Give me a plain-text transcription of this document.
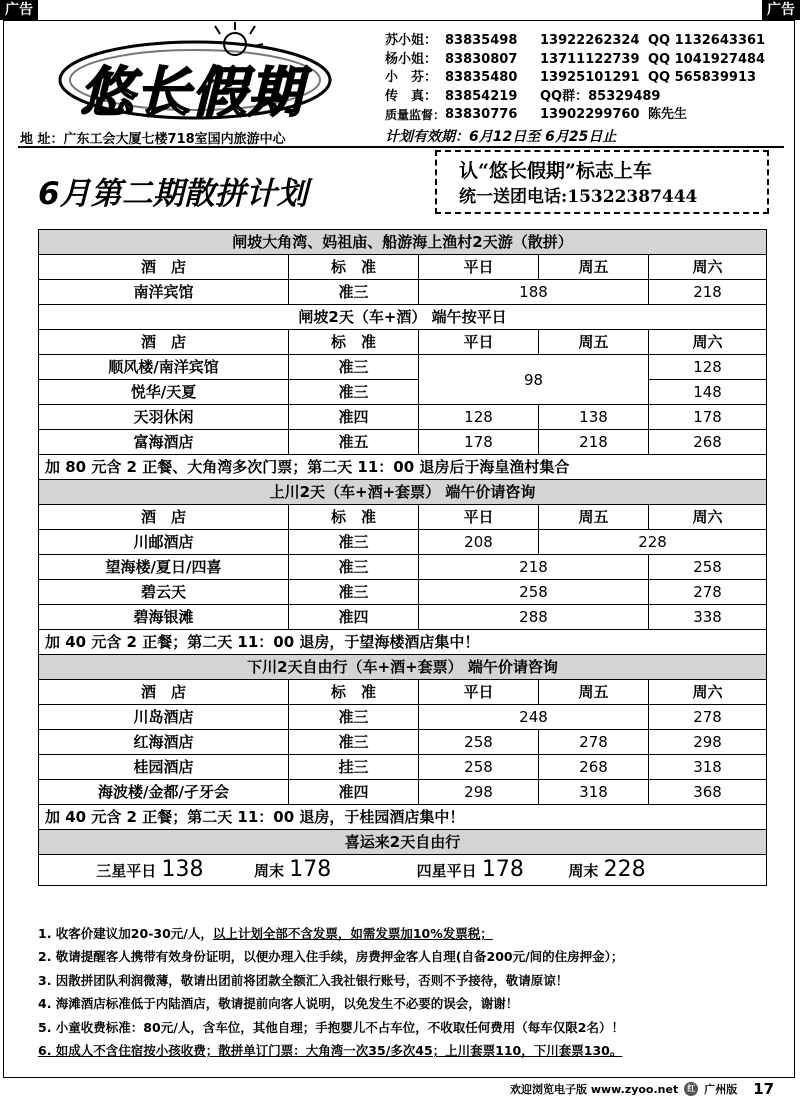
广告	广告
悠长假期
苏小姐： 83835498	13922262324 QQ 1132643361
杨小姐： 83830807	13711122739 QQ 1041927484
小　芬： 83835480	13925101291 QQ 565839913
传　真： 83854219	QQ群：85329489
质量监督： 83830776	13902299760 陈先生
地 址：广东工会大厦七楼718室国内旅游中心	计划有效期：6月12日至 6月25日止
6月第二期散拼计划
认“悠长假期”标志上车
统一送团电话:15322387444
闸坡大角湾、妈祖庙、船游海上渔村2天游（散拼）				
酒　店	标　准	平日	周五	周六
南洋宾馆	准三	188		218
闸坡2天（车+酒） 端午按平日				
酒　店	标　准	平日	周五	周六
顺风楼/南洋宾馆	准三	98		128
悦华/天夏	准三			148
天羽休闲	准四	128	138	178
富海酒店	准五	178	218	268
加 80 元含 2 正餐、大角湾多次门票；第二天 11：00 退房后于海皇渔村集合				
上川2天（车+酒+套票） 端午价请咨询				
酒　店	标　准	平日	周五	周六
川邮酒店	准三	208	228	
望海楼/夏日/四喜	准三	218		258
碧云天	准三	258		278
碧海银滩	准四	288		338
加 40 元含 2 正餐；第二天 11：00 退房，于望海楼酒店集中！				
下川2天自由行（车+酒+套票） 端午价请咨询				
酒　店	标　准	平日	周五	周六
川岛酒店	准三	248		278
红海酒店	准三	258	278	298
桂园酒店	挂三	258	268	318
海波楼/金都/孑牙会	准四	298	318	368
加 40 元含 2 正餐；第二天 11：00 退房，于桂园酒店集中！				
喜运来2天自由行				
三星平日 138 周末 178 四星平日 178 周末 228				
1. 收客价建议加20-30元/人，以上计划全部不含发票，如需发票加10%发票税；
2. 敬请提醒客人携带有效身份证明，以便办理入住手续，房费押金客人自理(自备200元/间的住房押金）；
3. 因散拼团队利润微薄，敬请出团前将团款全额汇入我社银行账号，否则不予接待，敬请原谅！
4. 海滩酒店标准低于内陆酒店，敬请提前向客人说明，以免发生不必要的误会，谢谢！
5. 小童收费标准：80元/人，含车位，其他自理；手抱婴儿不占车位，不收取任何费用（每车仅限2名）！
6. 如成人不含住宿按小孩收费；散拼单订门票：大角湾一次35/多次45；上川套票110，下川套票130。
欢迎浏览电子版 www.zyoo.net	红 广州版 17
